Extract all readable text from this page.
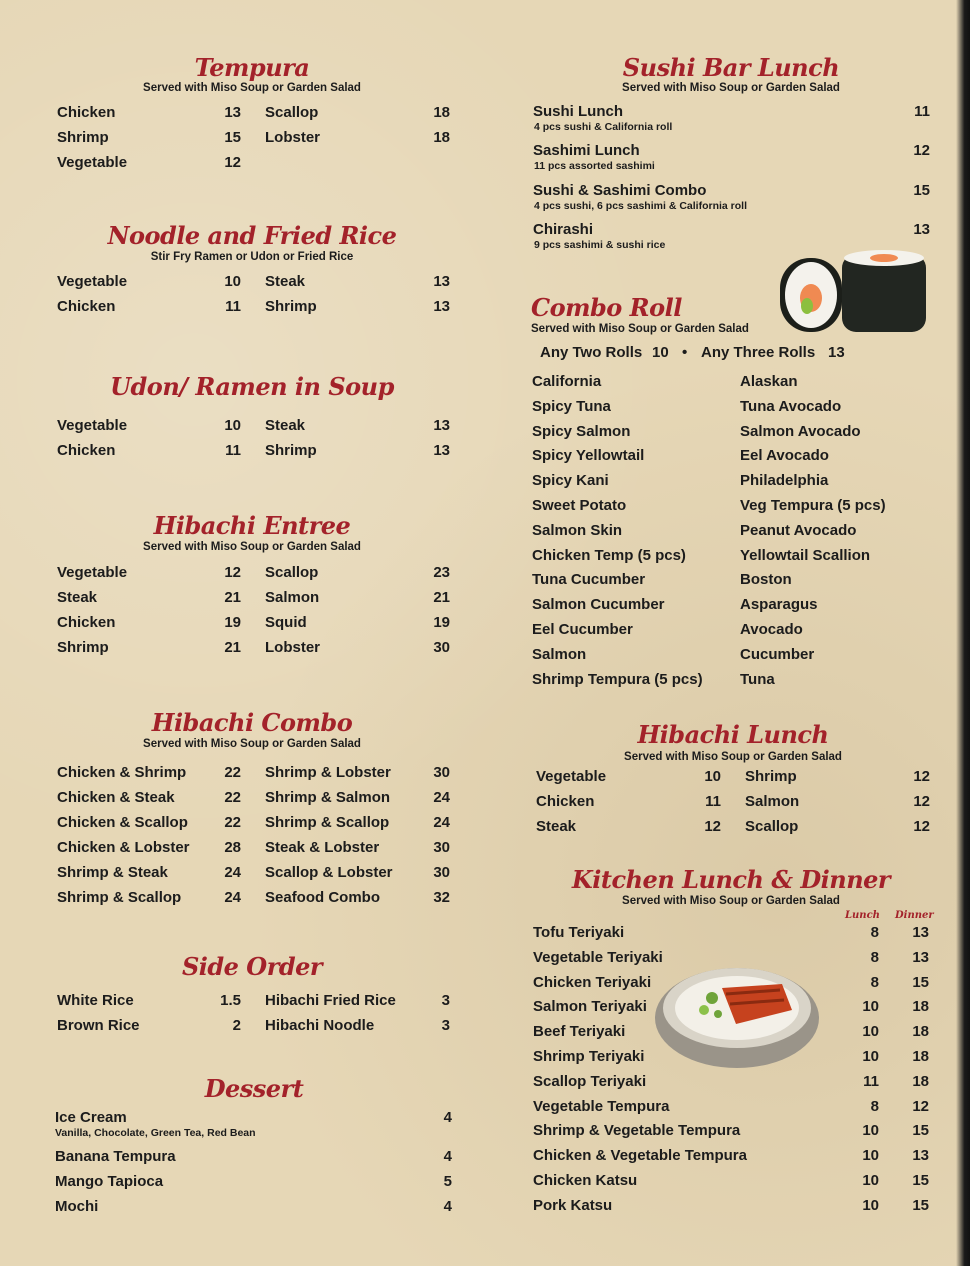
Tempura
Served with Miso Soup or Garden Salad
Chicken	13
Shrimp	15
Vegetable	12
Scallop	18
Lobster	18
Noodle and Fried Rice
Stir Fry Ramen or Udon or Fried Rice
Vegetable	10
Chicken	11
Steak	13
Shrimp	13
Udon/ Ramen in Soup
Vegetable	10
Chicken	11
Steak	13
Shrimp	13
Hibachi Entree
Served with Miso Soup or Garden Salad
Vegetable	12
Steak	21
Chicken	19
Shrimp	21
Scallop	23
Salmon	21
Squid	19
Lobster	30
Hibachi Combo
Served with Miso Soup or Garden Salad
Chicken & Shrimp	22
Chicken & Steak	22
Chicken & Scallop	22
Chicken & Lobster	28
Shrimp & Steak	24
Shrimp & Scallop	24
Shrimp & Lobster	30
Shrimp & Salmon	24
Shrimp & Scallop	24
Steak & Lobster	30
Scallop & Lobster	30
Seafood Combo	32
Side Order
White Rice	1.5
Brown Rice	2
Hibachi Fried Rice	3
Hibachi Noodle	3
Dessert
Ice Cream	4
Vanilla, Chocolate, Green Tea, Red Bean
Banana Tempura	4
Mango Tapioca	5
Mochi	4
Sushi Bar Lunch
Served with Miso Soup or Garden Salad
Sushi Lunch	11
4 pcs sushi & California roll
Sashimi Lunch	12
11 pcs assorted sashimi
Sushi & Sashimi Combo	15
4 pcs sushi, 6 pcs sashimi & California roll
Chirashi	13
9 pcs sashimi & sushi rice
Combo Roll
Served with Miso Soup or Garden Salad
Any Two Rolls 10 • Any Three Rolls 13
California
Spicy Tuna
Spicy Salmon
Spicy Yellowtail
Spicy Kani
Sweet Potato
Salmon Skin
Chicken Temp (5 pcs)
Tuna Cucumber
Salmon Cucumber
Eel Cucumber
Salmon
Shrimp Tempura (5 pcs)
Alaskan
Tuna Avocado
Salmon Avocado
Eel Avocado
Philadelphia
Veg Tempura (5 pcs)
Peanut Avocado
Yellowtail Scallion
Boston
Asparagus
Avocado
Cucumber
Tuna
Hibachi Lunch
Served with Miso Soup or Garden Salad
Vegetable	10
Chicken	11
Steak	12
Shrimp	12
Salmon	12
Scallop	12
Kitchen Lunch & Dinner
Served with Miso Soup or Garden Salad
Lunch Dinner
Tofu Teriyaki	8	13
Vegetable Teriyaki	8	13
Chicken Teriyaki	8	15
Salmon Teriyaki	10	18
Beef Teriyaki	10	18
Shrimp Teriyaki	10	18
Scallop Teriyaki	11	18
Vegetable Tempura	8	12
Shrimp & Vegetable Tempura	10	15
Chicken & Vegetable Tempura	10	13
Chicken Katsu	10	15
Pork Katsu	10	15
